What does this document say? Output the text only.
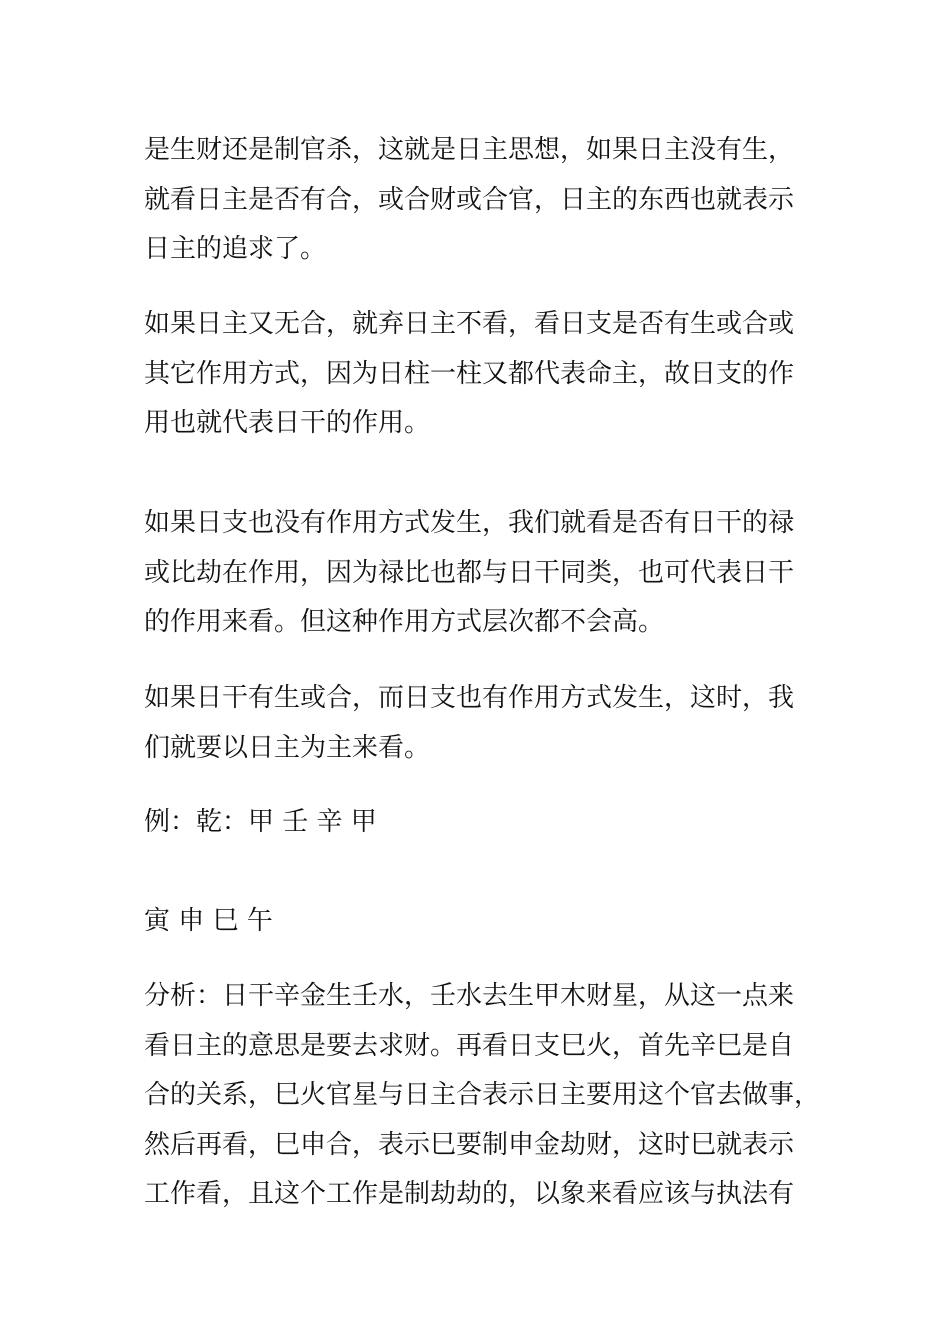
是生财还是制官杀，这就是日主思想，如果日主没有生，
就看日主是否有合，或合财或合官，日主的东西也就表示
日主的追求了。

如果日主又无合，就弃日主不看，看日支是否有生或合或
其它作用方式，因为日柱一柱又都代表命主，故日支的作
用也就代表日干的作用。

如果日支也没有作用方式发生，我们就看是否有日干的禄
或比劫在作用，因为禄比也都与日干同类，也可代表日干
的作用来看。但这种作用方式层次都不会高。

如果日干有生或合，而日支也有作用方式发生，这时，我
们就要以日主为主来看。

例：乾：甲 壬 辛 甲

寅 申 巳 午

分析：日干辛金生壬水，壬水去生甲木财星，从这一点来
看日主的意思是要去求财。再看日支巳火，首先辛巳是自
合的关系，巳火官星与日主合表示日主要用这个官去做事，
然后再看，巳申合，表示巳要制申金劫财，这时巳就表示
工作看，且这个工作是制劫劫的，以象来看应该与执法有
